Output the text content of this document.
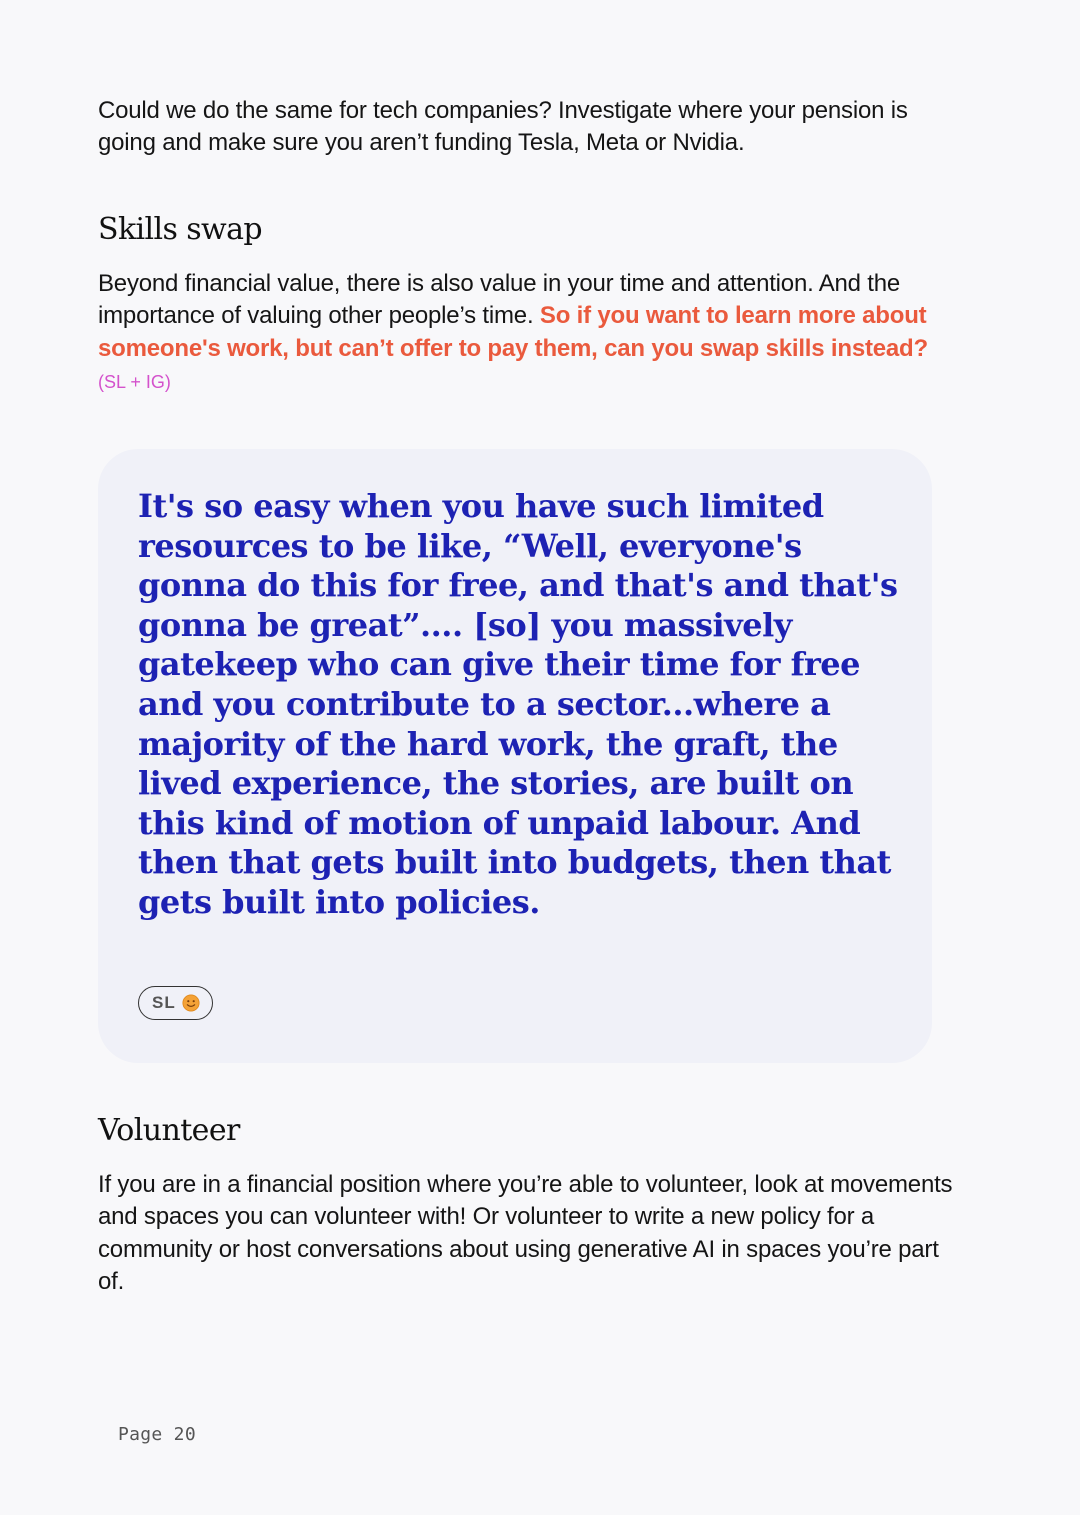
Could we do the same for tech companies? Investigate where your pension is going and make sure you aren’t funding Tesla, Meta or Nvidia.

Skills swap

Beyond financial value, there is also value in your time and attention. And the importance of valuing other people’s time. So if you want to learn more about someone's work, but can’t offer to pay them, can you swap skills instead? (SL + IG)

Volunteer

If you are in a financial position where you’re able to volunteer, look at movements and spaces you can volunteer with! Or volunteer to write a new policy for a community or host conversations about using generative AI in spaces you’re part of.

It's so easy when you have such limited resources to be like, “Well, everyone's gonna do this for free, and that's and that's gonna be great”.... [so] you massively gatekeep who can give their time for free and you contribute to a sector...where a majority of the hard work, the graft, the lived experience, the stories, are built on this kind of motion of unpaid labour. And then that gets built into budgets, then that gets built into policies.

SL
Page 20
